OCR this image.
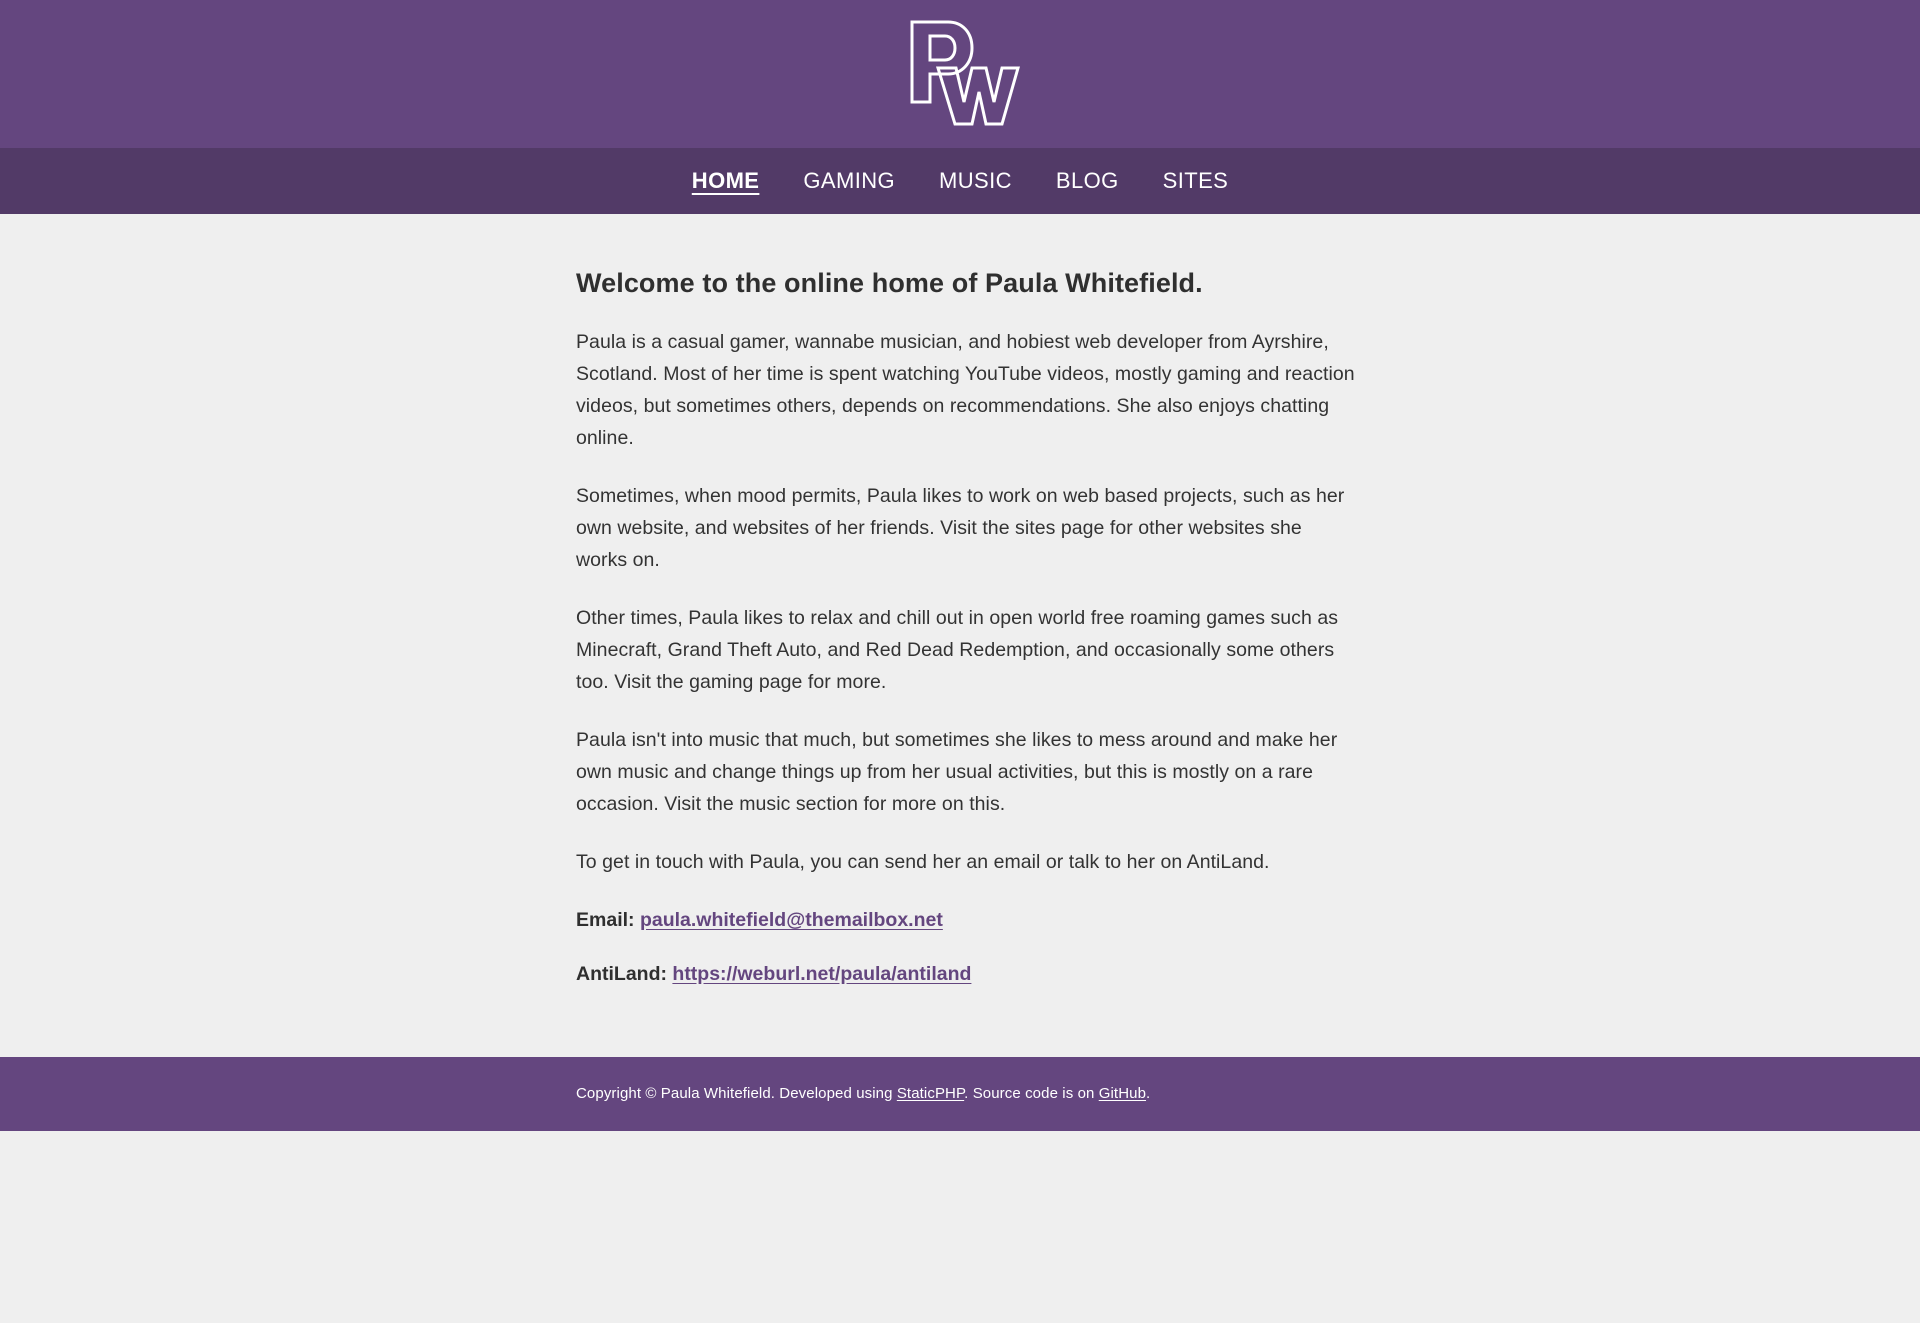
HOME	GAMING	MUSIC	BLOG	SITES
Welcome to the online home of Paula Whitefield.

Paula is a casual gamer, wannabe musician, and hobiest web developer from Ayrshire, Scotland. Most of her time is spent watching YouTube videos, mostly gaming and reaction videos, but sometimes others, depends on recommendations. She also enjoys chatting online.

Sometimes, when mood permits, Paula likes to work on web based projects, such as her own website, and websites of her friends. Visit the sites page for other websites she works on.

Other times, Paula likes to relax and chill out in open world free roaming games such as Minecraft, Grand Theft Auto, and Red Dead Redemption, and occasionally some others too. Visit the gaming page for more.

Paula isn't into music that much, but sometimes she likes to mess around and make her own music and change things up from her usual activities, but this is mostly on a rare occasion. Visit the music section for more on this.

To get in touch with Paula, you can send her an email or talk to her on AntiLand.

Email: paula.whitefield@themailbox.net

AntiLand: https://weburl.net/paula/antiland

Copyright © Paula Whitefield. Developed using StaticPHP. Source code is on GitHub.
